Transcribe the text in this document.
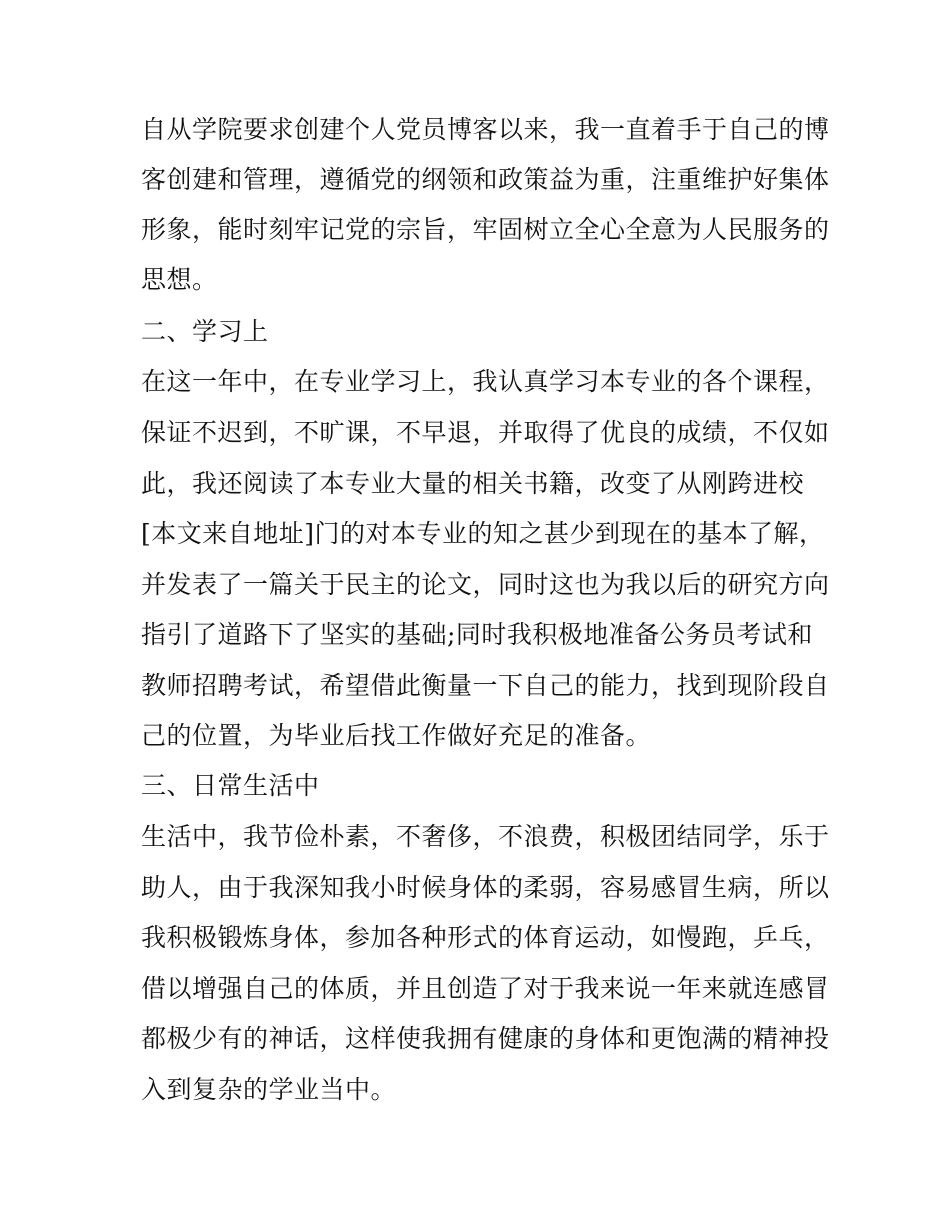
自从学院要求创建个人党员博客以来，我一直着手于自己的博
客创建和管理，遵循党的纲领和政策益为重，注重维护好集体
形象，能时刻牢记党的宗旨，牢固树立全心全意为人民服务的
思想。
二、学习上
在这一年中，在专业学习上，我认真学习本专业的各个课程，
保证不迟到，不旷课，不早退，并取得了优良的成绩，不仅如
此，我还阅读了本专业大量的相关书籍，改变了从刚跨进校
[本文来自地址]门的对本专业的知之甚少到现在的基本了解，
并发表了一篇关于民主的论文，同时这也为我以后的研究方向
指引了道路下了坚实的基础;同时我积极地准备公务员考试和
教师招聘考试，希望借此衡量一下自己的能力，找到现阶段自
己的位置，为毕业后找工作做好充足的准备。
三、日常生活中
生活中，我节俭朴素，不奢侈，不浪费，积极团结同学，乐于
助人，由于我深知我小时候身体的柔弱，容易感冒生病，所以
我积极锻炼身体，参加各种形式的体育运动，如慢跑，乒乓，
借以增强自己的体质，并且创造了对于我来说一年来就连感冒
都极少有的神话，这样使我拥有健康的身体和更饱满的精神投
入到复杂的学业当中。
